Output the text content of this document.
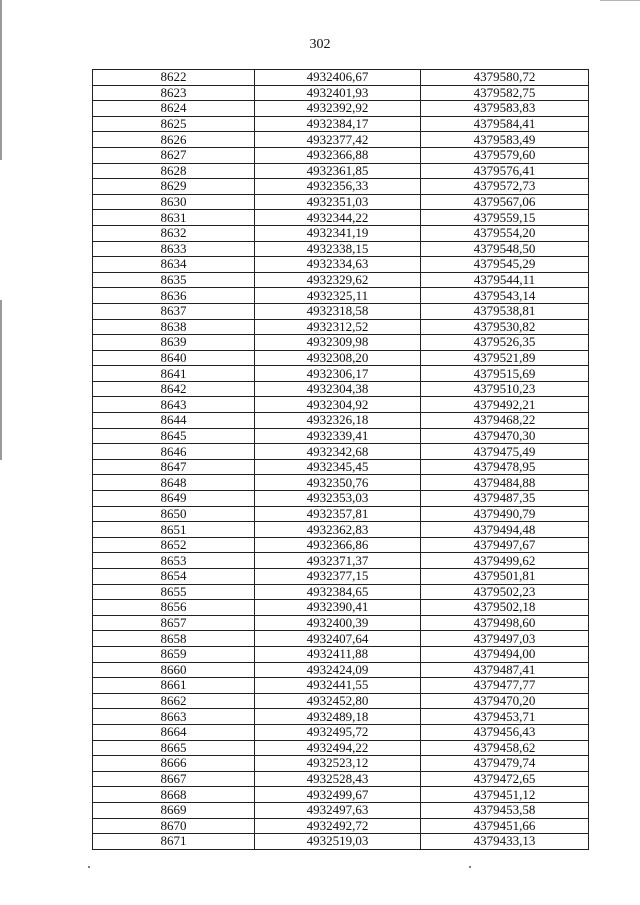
302
8622	4932406,67	4379580,72
8623	4932401,93	4379582,75
8624	4932392,92	4379583,83
8625	4932384,17	4379584,41
8626	4932377,42	4379583,49
8627	4932366,88	4379579,60
8628	4932361,85	4379576,41
8629	4932356,33	4379572,73
8630	4932351,03	4379567,06
8631	4932344,22	4379559,15
8632	4932341,19	4379554,20
8633	4932338,15	4379548,50
8634	4932334,63	4379545,29
8635	4932329,62	4379544,11
8636	4932325,11	4379543,14
8637	4932318,58	4379538,81
8638	4932312,52	4379530,82
8639	4932309,98	4379526,35
8640	4932308,20	4379521,89
8641	4932306,17	4379515,69
8642	4932304,38	4379510,23
8643	4932304,92	4379492,21
8644	4932326,18	4379468,22
8645	4932339,41	4379470,30
8646	4932342,68	4379475,49
8647	4932345,45	4379478,95
8648	4932350,76	4379484,88
8649	4932353,03	4379487,35
8650	4932357,81	4379490,79
8651	4932362,83	4379494,48
8652	4932366,86	4379497,67
8653	4932371,37	4379499,62
8654	4932377,15	4379501,81
8655	4932384,65	4379502,23
8656	4932390,41	4379502,18
8657	4932400,39	4379498,60
8658	4932407,64	4379497,03
8659	4932411,88	4379494,00
8660	4932424,09	4379487,41
8661	4932441,55	4379477,77
8662	4932452,80	4379470,20
8663	4932489,18	4379453,71
8664	4932495,72	4379456,43
8665	4932494,22	4379458,62
8666	4932523,12	4379479,74
8667	4932528,43	4379472,65
8668	4932499,67	4379451,12
8669	4932497,63	4379453,58
8670	4932492,72	4379451,66
8671	4932519,03	4379433,13
